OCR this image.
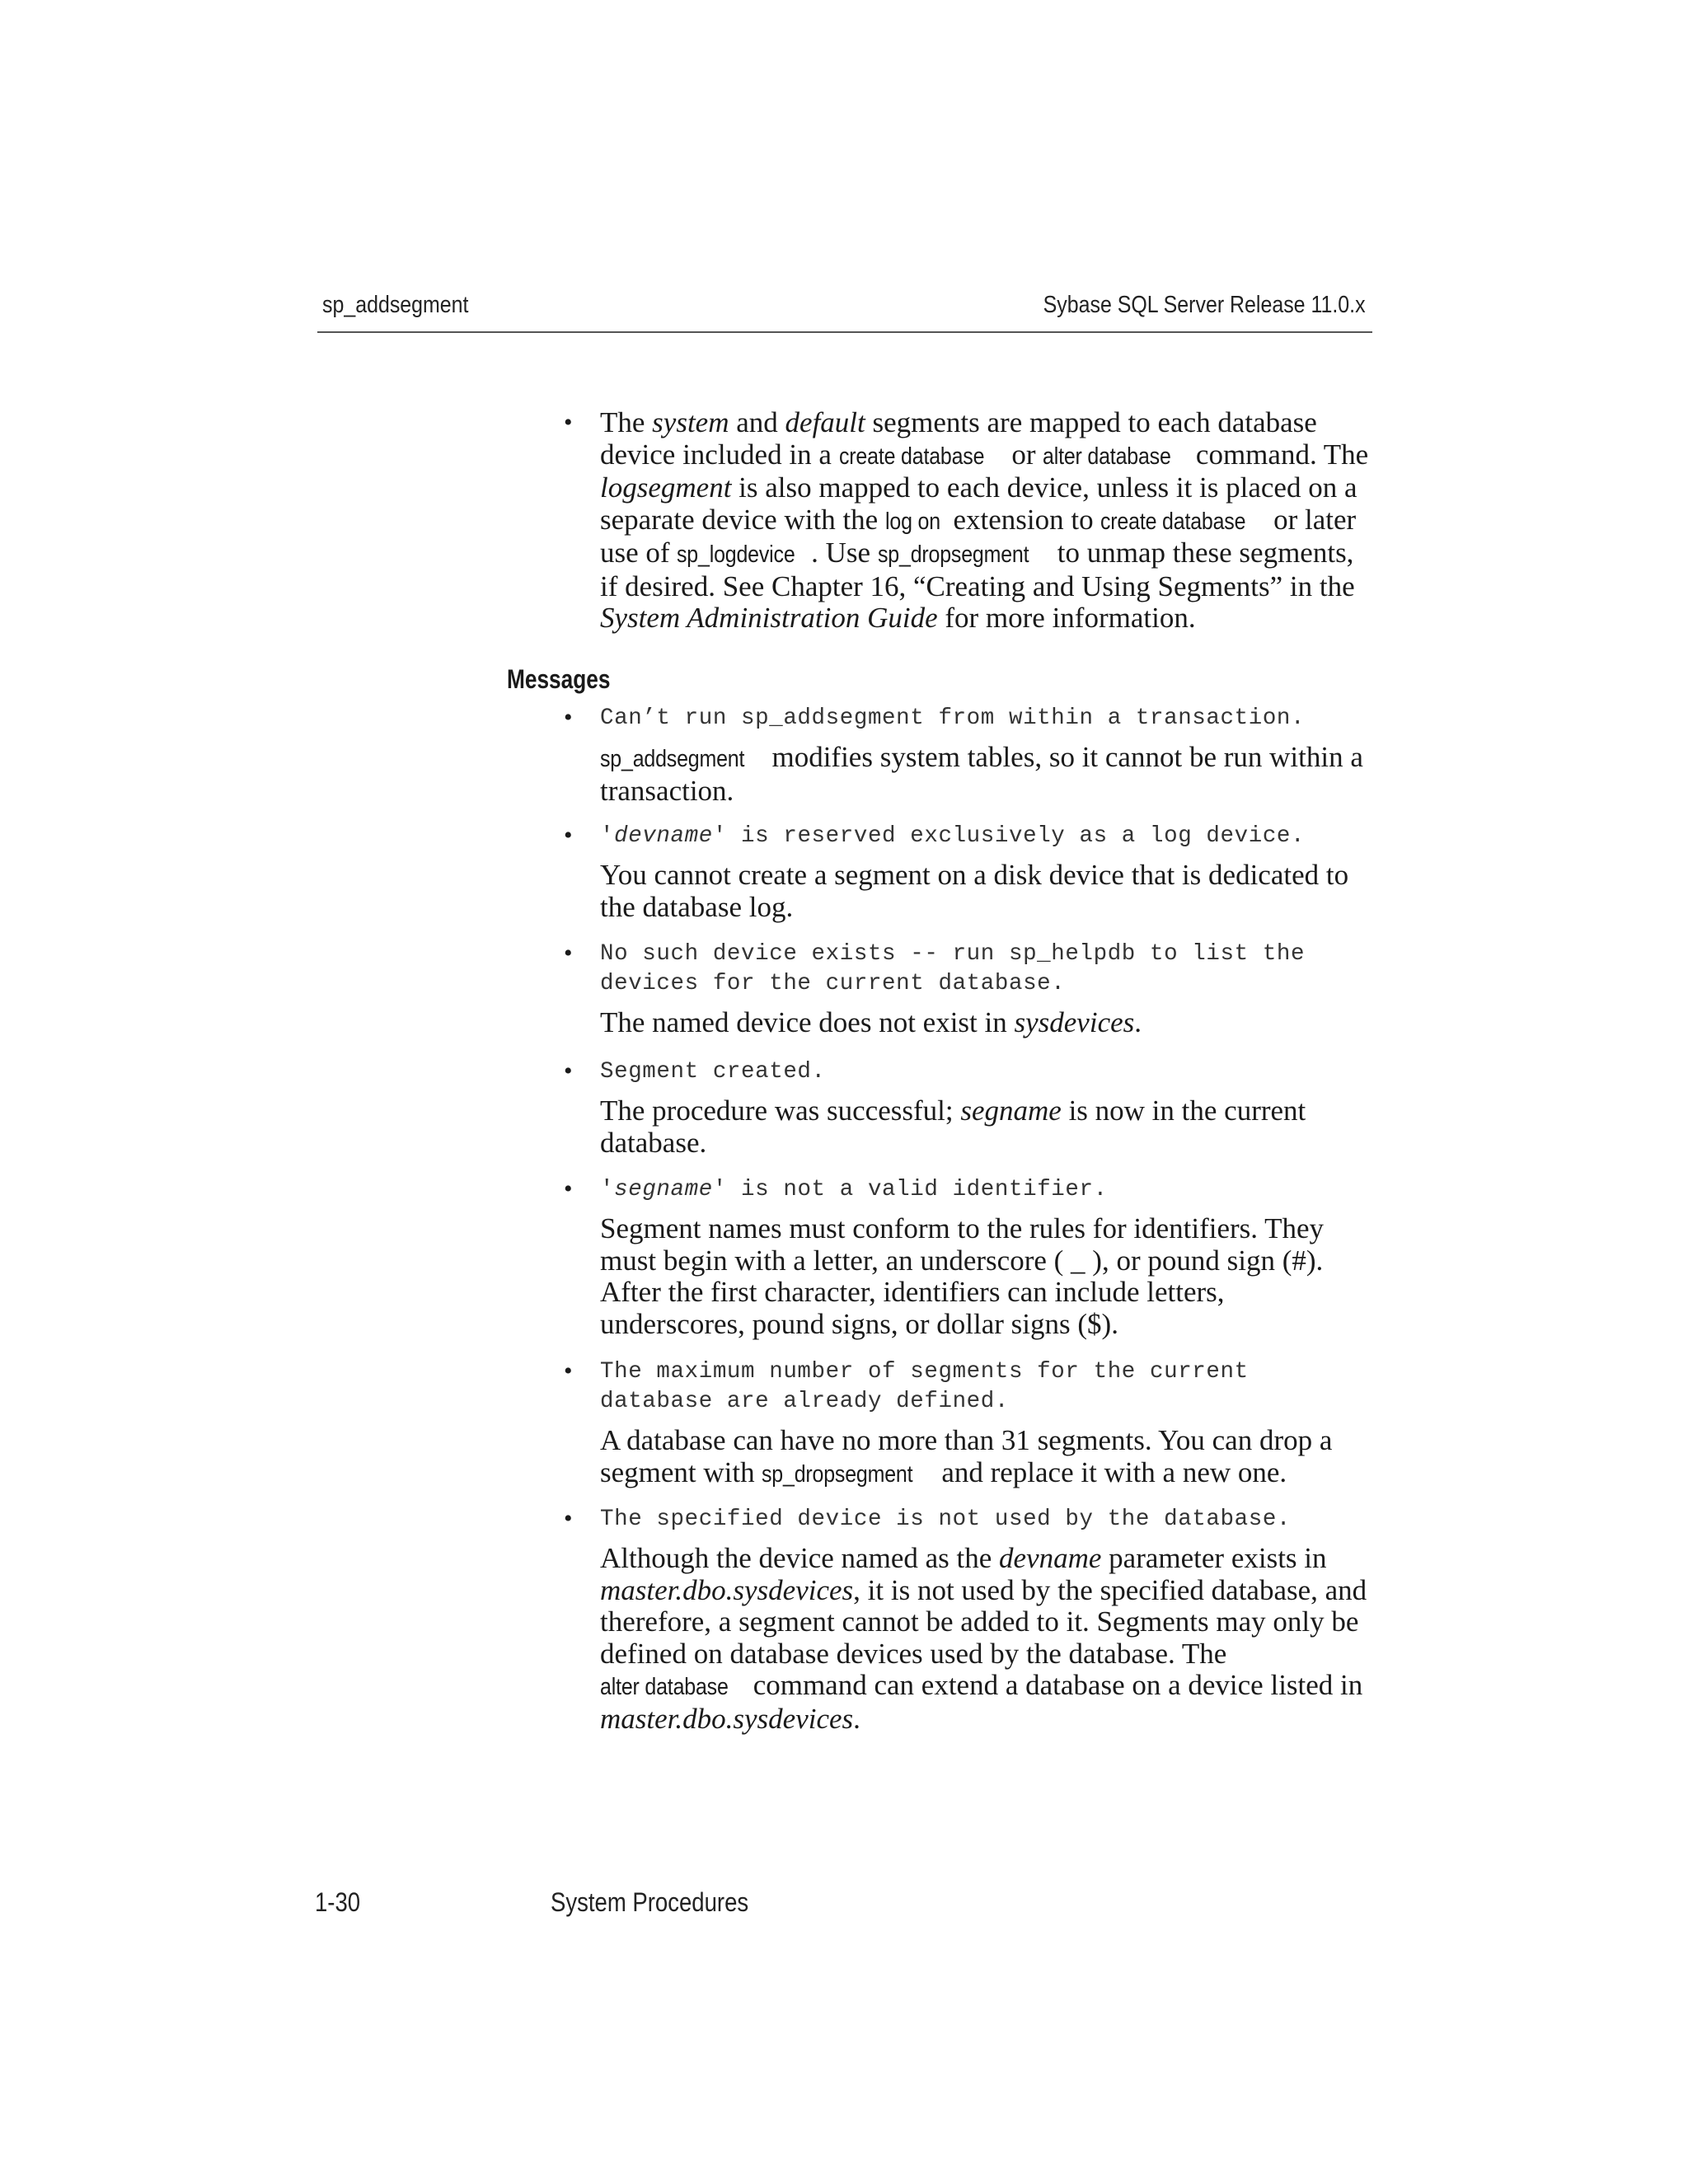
sp_addsegment	Sybase SQL Server Release 11.0.x
• The system and default segments are mapped to each database device included in a create database or alter database command. The logsegment is also mapped to each device, unless it is placed on a separate device with the log on extension to create database or later use of sp_logdevice . Use sp_dropsegment to unmap these segments, if desired. See Chapter 16, “Creating and Using Segments” in the System Administration Guide for more information.
Messages
• Can’t run sp_addsegment from within a transaction.
sp_addsegment modifies system tables, so it cannot be run within a transaction.
• 'devname' is reserved exclusively as a log device.
You cannot create a segment on a disk device that is dedicated to the database log.
• No such device exists -- run sp_helpdb to list the
devices for the current database.
The named device does not exist in sysdevices.
• Segment created.
The procedure was successful; segname is now in the current database.
• 'segname' is not a valid identifier.
Segment names must conform to the rules for identifiers. They must begin with a letter, an underscore ( _ ), or pound sign (#). After the first character, identifiers can include letters, underscores, pound signs, or dollar signs ($).
• The maximum number of segments for the current
database are already defined.
A database can have no more than 31 segments. You can drop a segment with sp_dropsegment and replace it with a new one.
• The specified device is not used by the database.
Although the device named as the devname parameter exists in master.dbo.sysdevices, it is not used by the specified database, and therefore, a segment cannot be added to it. Segments may only be defined on database devices used by the database. The alter database command can extend a database on a device listed in master.dbo.sysdevices.
1-30	System Procedures
